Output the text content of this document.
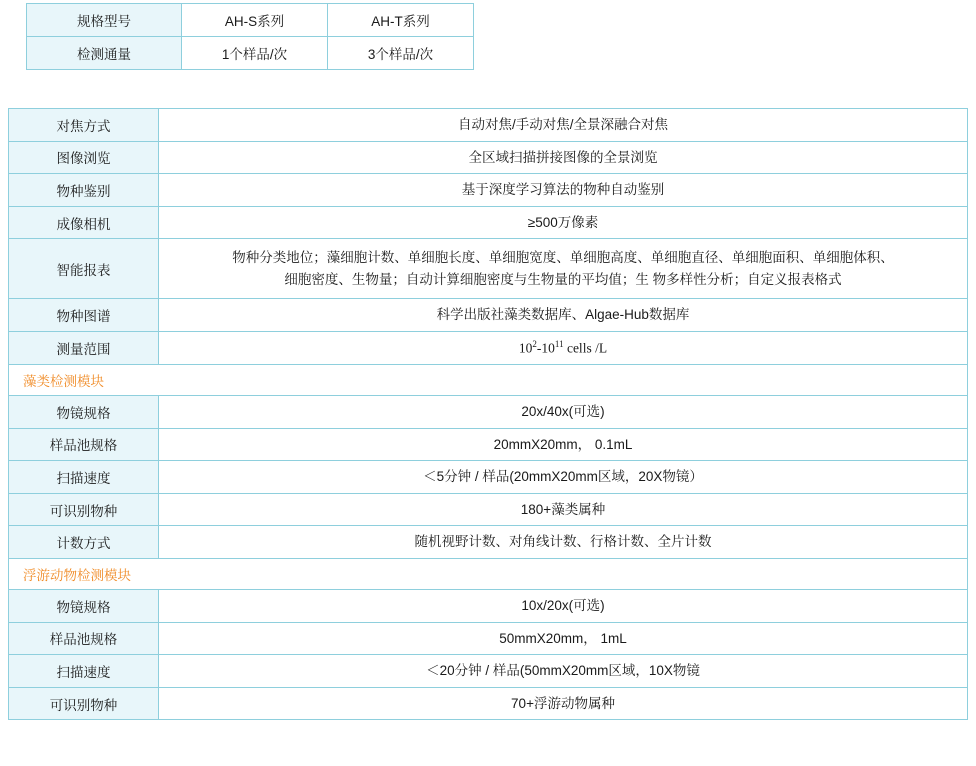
规格型号	AH-S系列	AH-T系列
检测通量	1个样品/次	3个样品/次
对焦方式	自动对焦/手动对焦/全景深融合对焦
图像浏览	全区域扫描拼接图像的全景浏览
物种鉴别	基于深度学习算法的物种自动鉴别
成像相机	≥500万像素
智能报表	物种分类地位；藻细胞计数、单细胞长度、单细胞宽度、单细胞高度、单细胞直径、单细胞面积、单细胞体积、
细胞密度、生物量；自动计算细胞密度与生物量的平均值；生 物多样性分析；自定义报表格式

物种图谱	科学出版社藻类数据库、Algae-Hub数据库
测量范围	$10^2-10^{11}$ cells /L
藻类检测模块	
物镜规格	20x/40x(可选)
样品池规格	20mmX20mm， 0.1mL
扫描速度	＜5分钟 / 样品(20mmX20mm区域，20X物镜）
可识别物种	180+藻类属种
计数方式	随机视野计数、对角线计数、行格计数、全片计数
浮游动物检测模块	
物镜规格	10x/20x(可选)
样品池规格	50mmX20mm， 1mL
扫描速度	＜20分钟 / 样品(50mmX20mm区域，10X物镜
可识别物种	70+浮游动物属种
